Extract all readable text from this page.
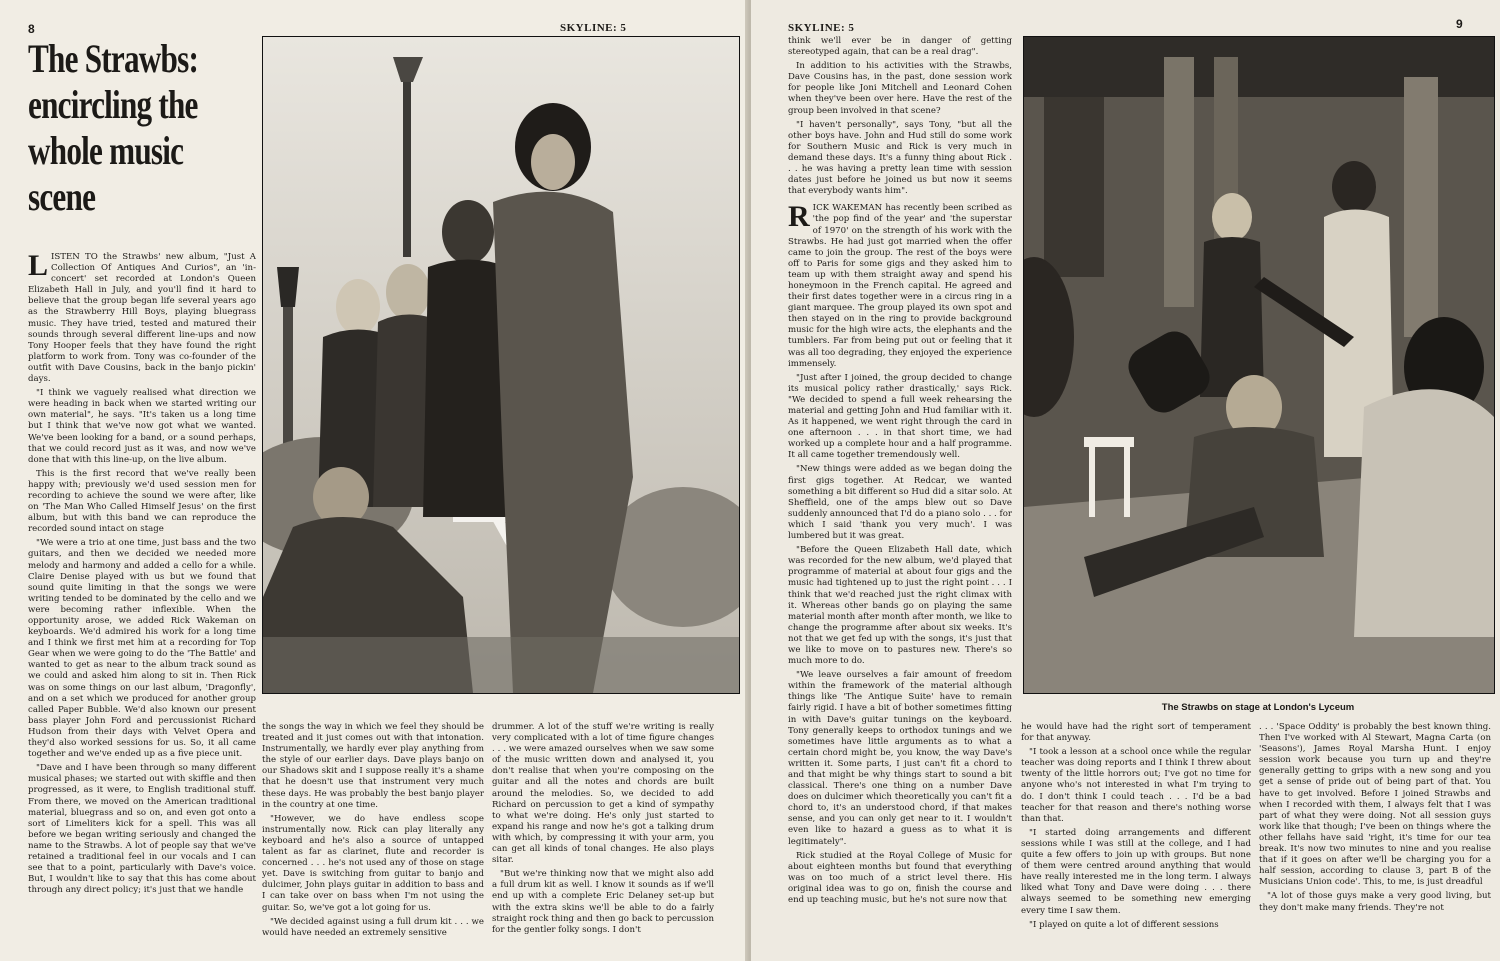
8	SKYLINE: 5
The Strawbs:
encircling the
whole music
scene

LISTEN TO the Strawbs' new album, "Just A Collection Of Antiques And Curios", an 'in-concert' set recorded at London's Queen Elizabeth Hall in July, and you'll find it hard to believe that the group began life several years ago as the Strawberry Hill Boys, playing bluegrass music. They have tried, tested and matured their sounds through several different line-ups and now Tony Hooper feels that they have found the right platform to work from. Tony was co-founder of the outfit with Dave Cousins, back in the banjo pickin' days.

"I think we vaguely realised what direction we were heading in back when we started writing our own material", he says. "It's taken us a long time but I think that we've now got what we wanted. We've been looking for a band, or a sound perhaps, that we could record just as it was, and now we've done that with this line-up, on the live album.

This is the first record that we've really been happy with; previously we'd used session men for recording to achieve the sound we were after, like on 'The Man Who Called Himself Jesus' on the first album, but with this band we can reproduce the recorded sound intact on stage

"We were a trio at one time, just bass and the two guitars, and then we decided we needed more melody and harmony and added a cello for a while. Claire Denise played with us but we found that sound quite limiting in that the songs we were writing tended to be dominated by the cello and we were becoming rather inflexible. When the opportunity arose, we added Rick Wakeman on keyboards. We'd admired his work for a long time and I think we first met him at a recording for Top Gear when we were going to do the 'The Battle' and wanted to get as near to the album track sound as we could and asked him along to sit in. Then Rick was on some things on our last album, 'Dragonfly', and on a set which we produced for another group called Paper Bubble. We'd also known our present bass player John Ford and percussionist Richard Hudson from their days with Velvet Opera and they'd also worked sessions for us. So, it all came together and we've ended up as a five piece unit.

"Dave and I have been through so many different musical phases; we started out with skiffle and then progressed, as it were, to English traditional stuff. From there, we moved on the American traditional material, bluegrass and so on, and even got onto a sort of Limeliters kick for a spell. This was all before we began writing seriously and changed the name to the Strawbs. A lot of people say that we've retained a traditional feel in our vocals and I can see that to a point, particularly with Dave's voice. But, I wouldn't like to say that this has come about through any direct policy; it's just that we handle

the songs the way in which we feel they should be treated and it just comes out with that intonation. Instrumentally, we hardly ever play anything from the style of our earlier days. Dave plays banjo on our Shadows skit and I suppose really it's a shame that he doesn't use that instrument very much these days. He was probably the best banjo player in the country at one time.

"However, we do have endless scope instrumentally now. Rick can play literally any keyboard and he's also a source of untapped talent as far as clarinet, flute and recorder is concerned . . . he's not used any of those on stage yet. Dave is switching from guitar to banjo and dulcimer, John plays guitar in addition to bass and I can take over on bass when I'm not using the guitar. So, we've got a lot going for us.

"We decided against using a full drum kit . . . we would have needed an extremely sensitive

drummer. A lot of the stuff we're writing is really very complicated with a lot of time figure changes . . . we were amazed ourselves when we saw some of the music written down and analysed it, you don't realise that when you're composing on the guitar and all the notes and chords are built around the melodies. So, we decided to add Richard on percussion to get a kind of sympathy to what we're doing. He's only just started to expand his range and now he's got a talking drum with which, by compressing it with your arm, you can get all kinds of tonal changes. He also plays sitar.

"But we're thinking now that we might also add a full drum kit as well. I know it sounds as if we'll end up with a complete Eric Delaney set-up but with the extra skins we'll be able to do a fairly straight rock thing and then go back to percussion for the gentler folky songs. I don't

SKYLINE: 5	9

think we'll ever be in danger of getting stereotyped again, that can be a real drag".

In addition to his activities with the Strawbs, Dave Cousins has, in the past, done session work for people like Joni Mitchell and Leonard Cohen when they've been over here. Have the rest of the group been involved in that scene?

"I haven't personally", says Tony, "but all the other boys have. John and Hud still do some work for Southern Music and Rick is very much in demand these days. It's a funny thing about Rick . . . he was having a pretty lean time with session dates just before he joined us but now it seems that everybody wants him".

RICK WAKEMAN has recently been scribed as 'the pop find of the year' and 'the superstar of 1970' on the strength of his work with the Strawbs. He had just got married when the offer came to join the group. The rest of the boys were off to Paris for some gigs and they asked him to team up with them straight away and spend his honeymoon in the French capital. He agreed and their first dates together were in a circus ring in a giant marquee. The group played its own spot and then stayed on in the ring to provide background music for the high wire acts, the elephants and the tumblers. Far from being put out or feeling that it was all too degrading, they enjoyed the experience immensely.

"Just after I joined, the group decided to change its musical policy rather drastically,' says Rick. "We decided to spend a full week rehearsing the material and getting John and Hud familiar with it. As it happened, we went right through the card in one afternoon . . . in that short time, we had worked up a complete hour and a half programme. It all came together tremendously well.

"New things were added as we began doing the first gigs together. At Redcar, we wanted something a bit different so Hud did a sitar solo. At Sheffield, one of the amps blew out so Dave suddenly announced that I'd do a piano solo . . . for which I said 'thank you very much'. I was lumbered but it was great.

"Before the Queen Elizabeth Hall date, which was recorded for the new album, we'd played that programme of material at about four gigs and the music had tightened up to just the right point . . . I think that we'd reached just the right climax with it. Whereas other bands go on playing the same material month after month after month, we like to change the programme after about six weeks. It's not that we get fed up with the songs, it's just that we like to move on to pastures new. There's so much more to do.

"We leave ourselves a fair amount of freedom within the framework of the material although things like 'The Antique Suite' have to remain fairly rigid. I have a bit of bother sometimes fitting in with Dave's guitar tunings on the keyboard. Tony generally keeps to orthodox tunings and we sometimes have little arguments as to what a certain chord might be, you know, the way Dave's written it. Some parts, I just can't fit a chord to and that might be why things start to sound a bit classical. There's one thing on a number Dave does on dulcimer which theoretically you can't fit a chord to, it's an understood chord, if that makes sense, and you can only get near to it. I wouldn't even like to hazard a guess as to what it is legitimately".

Rick studied at the Royal College of Music for about eighteen months but found that everything was on too much of a strict level there. His original idea was to go on, finish the course and end up teaching music, but he's not sure now that

The Strawbs on stage at London's Lyceum

he would have had the right sort of temperament for that anyway.

"I took a lesson at a school once while the regular teacher was doing reports and I think I threw about twenty of the little horrors out; I've got no time for anyone who's not interested in what I'm trying to do. I don't think I could teach . . . I'd be a bad teacher for that reason and there's nothing worse than that.

"I started doing arrangements and different sessions while I was still at the college, and I had quite a few offers to join up with groups. But none of them were centred around anything that would have really interested me in the long term. I always liked what Tony and Dave were doing . . . there always seemed to be something new emerging every time I saw them.

"I played on quite a lot of different sessions

. . . 'Space Oddity' is probably the best known thing. Then I've worked with Al Stewart, Magna Carta (on 'Seasons'), James Royal Marsha Hunt. I enjoy session work because you turn up and they're generally getting to grips with a new song and you get a sense of pride out of being part of that. You have to get involved. Before I joined Strawbs and when I recorded with them, I always felt that I was part of what they were doing. Not all session guys work like that though; I've been on things where the other fellahs have said 'right, it's time for our tea break. It's now two minutes to nine and you realise that if it goes on after we'll be charging you for a half session, according to clause 3, part B of the Musicians Union code'. This, to me, is just dreadful

"A lot of those guys make a very good living, but they don't make many friends. They're not
